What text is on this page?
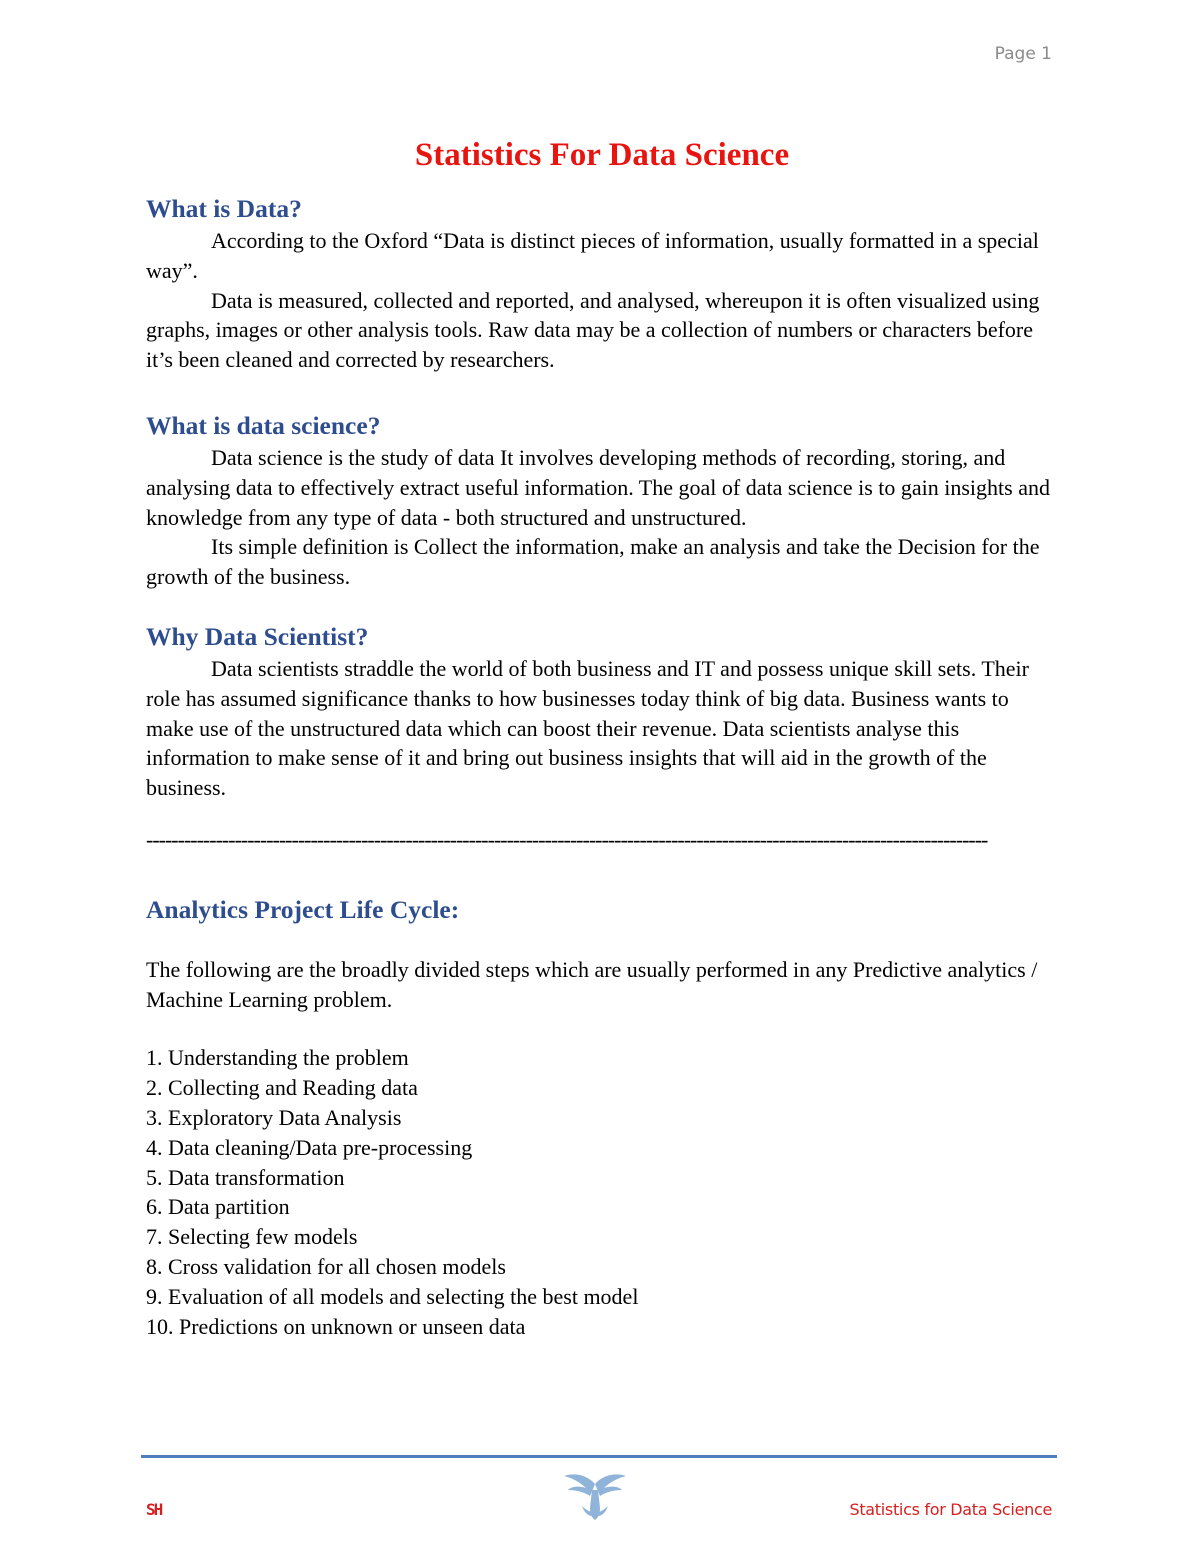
Page 1
Statistics For Data Science
What is Data?

According to the Oxford “Data is distinct pieces of information, usually formatted in a special way”.

Data is measured, collected and reported, and analysed, whereupon it is often visualized using graphs, images or other analysis tools. Raw data may be a collection of numbers or characters before it’s been cleaned and corrected by researchers.

What is data science?

Data science is the study of data It involves developing methods of recording, storing, and analysing data to effectively extract useful information. The goal of data science is to gain insights and knowledge from any type of data - both structured and unstructured.

Its simple definition is Collect the information, make an analysis and take the Decision for the growth of the business.

Why Data Scientist?

Data scientists straddle the world of both business and IT and possess unique skill sets. Their role has assumed significance thanks to how businesses today think of big data. Business wants to make use of the unstructured data which can boost their revenue. Data scientists analyse this information to make sense of it and bring out business insights that will aid in the growth of the business.

-------------------------------------------------------------------------------------------------------------------------------------
Analytics Project Life Cycle:

The following are the broadly divided steps which are usually performed in any Predictive analytics / Machine Learning problem.

1. Understanding the problem
2. Collecting and Reading data
3. Exploratory Data Analysis
4. Data cleaning/Data pre-processing
5. Data transformation
6. Data partition
7. Selecting few models
8. Cross validation for all chosen models
9. Evaluation of all models and selecting the best model
10. Predictions on unknown or unseen data
SH	Statistics for Data Science
